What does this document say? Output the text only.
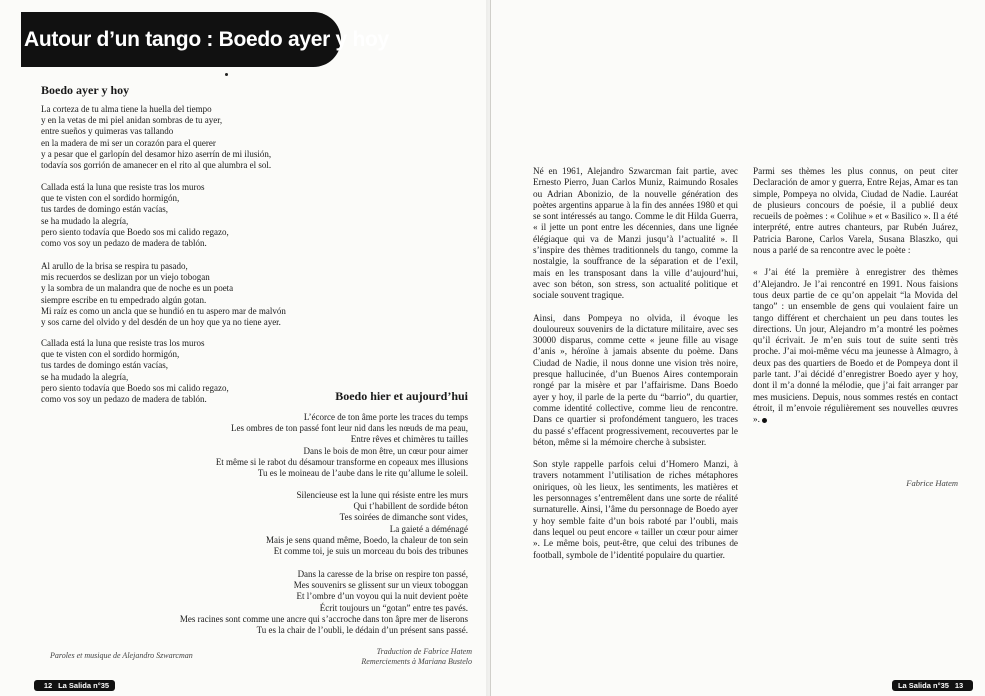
Autour d’un tango : Boedo ayer y hoy
Boedo ayer y hoy
La corteza de tu alma tiene la huella del tiempo
y en la vetas de mi piel anidan sombras de tu ayer,
entre sueños y quimeras vas tallando
en la madera de mi ser un corazón para el querer
y a pesar que el garlopín del desamor hizo aserrín de mi ilusión,
todavía sos gorrión de amanecer en el rito al que alumbra el sol.
Callada está la luna que resiste tras los muros
que te visten con el sordido hormigón,
tus tardes de domingo están vacías,
se ha mudado la alegría,
pero siento todavía que Boedo sos mi calido regazo,
como vos soy un pedazo de madera de tablón.
Al arullo de la brisa se respira tu pasado,
mis recuerdos se deslizan por un viejo tobogan
y la sombra de un malandra que de noche es un poeta
siempre escribe en tu empedrado algún gotan.
Mi raíz es como un ancla que se hundió en tu aspero mar de malvón
y sos carne del olvido y del desdén de un hoy que ya no tiene ayer.
Callada está la luna que resiste tras los muros
que te visten con el sordido hormigón,
tus tardes de domingo están vacías,
se ha mudado la alegría,
pero siento todavía que Boedo sos mi calido regazo,
como vos soy un pedazo de madera de tablón.	Boedo hier et aujourd’hui
L’écorce de ton âme porte les traces du temps
Les ombres de ton passé font leur nid dans les nœuds de ma peau,
Entre rêves et chimères tu tailles
Dans le bois de mon être, un cœur pour aimer
Et même si le rabot du désamour transforme en copeaux mes illusions
Tu es le moineau de l’aube dans le rite qu’allume le soleil.
Silencieuse est la lune qui résiste entre les murs
Qui t’habillent de sordide béton
Tes soirées de dimanche sont vides,
La gaieté a déménagé
Mais je sens quand même, Boedo, la chaleur de ton sein
Et comme toi, je suis un morceau du bois des tribunes
Dans la caresse de la brise on respire ton passé,
Mes souvenirs se glissent sur un vieux toboggan
Et l’ombre d’un voyou qui la nuit devient poète
Écrit toujours un “gotan” entre tes pavés.
Mes racines sont comme une ancre qui s’accroche dans ton âpre mer de liserons
Tu es la chair de l’oubli, le dédain d’un présent sans passé.
Paroles et musique de Alejandro Szwarcman	Traduction de Fabrice Hatem
Remerciements à Mariana Bustelo
12 La Salida n°35

Né en 1961, Alejandro Szwarcman fait partie, avec Ernesto Pierro, Juan Carlos Muniz, Raimundo Rosales ou Adrian Abonizio, de la nouvelle génération des poètes argentins apparue à la fin des années 1980 et qui se sont intéressés au tango. Comme le dit Hilda Guerra, « il jette un pont entre les décennies, dans une lignée élégiaque qui va de Manzi jusqu’à l’actualité ». Il s’inspire des thèmes traditionnels du tango, comme la nostalgie, la souffrance de la séparation et de l’exil, mais en les transposant dans la ville d’aujourd’hui, avec son béton, son stress, son actualité politique et sociale souvent tragique.

Ainsi, dans Pompeya no olvida, il évoque les douloureux souvenirs de la dictature militaire, avec ses 30000 disparus, comme cette « jeune fille au visage d’anis », héroïne à jamais absente du poème. Dans Ciudad de Nadie, il nous donne une vision très noire, presque hallucinée, d’un Buenos Aires contemporain rongé par la misère et par l’affairisme. Dans Boedo ayer y hoy, il parle de la perte du “barrio”, du quartier, comme identité collective, comme lieu de rencontre. Dans ce quartier si profondément tanguero, les traces du passé s’effacent progressivement, recouvertes par le béton, même si la mémoire cherche à subsister.

Son style rappelle parfois celui d’Homero Manzi, à travers notamment l’utilisation de riches métaphores oniriques, où les lieux, les sentiments, les matières et les personnages s’entremêlent dans une sorte de réalité surnaturelle. Ainsi, l’âme du personnage de Boedo ayer y hoy semble faite d’un bois raboté par l’oubli, mais dans lequel ou peut encore « tailler un cœur pour aimer ». Le même bois, peut-être, que celui des tribunes de football, symbole de l’identité populaire du quartier.

Parmi ses thèmes les plus connus, on peut citer Declaración de amor y guerra, Entre Rejas, Amar es tan simple, Pompeya no olvida, Ciudad de Nadie. Lauréat de plusieurs concours de poésie, il a publié deux recueils de poèmes : « Colihue » et « Basilico ». Il a été interprété, entre autres chanteurs, par Rubén Juárez, Patricia Barone, Carlos Varela, Susana Blaszko, qui nous a parlé de sa rencontre avec le poète :

« J’ai été la première à enregistrer des thèmes d’Alejandro. Je l’ai rencontré en 1991. Nous faisions tous deux partie de ce qu’on appelait “la Movida del tango” : un ensemble de gens qui voulaient faire un tango différent et cherchaient un peu dans toutes les directions. Un jour, Alejandro m’a montré les poèmes qu’il écrivait. Je m’en suis tout de suite senti très proche. J’ai moi-même vécu ma jeunesse à Almagro, à deux pas des quartiers de Boedo et de Pompeya dont il parle tant. J’ai décidé d’enregistrer Boedo ayer y hoy, dont il m’a donné la mélodie, que j’ai fait arranger par mes musiciens. Depuis, nous sommes restés en contact étroit, il m’envoie régulièrement ses nouvelles œuvres ».

Fabrice Hatem
La Salida n°35 13
